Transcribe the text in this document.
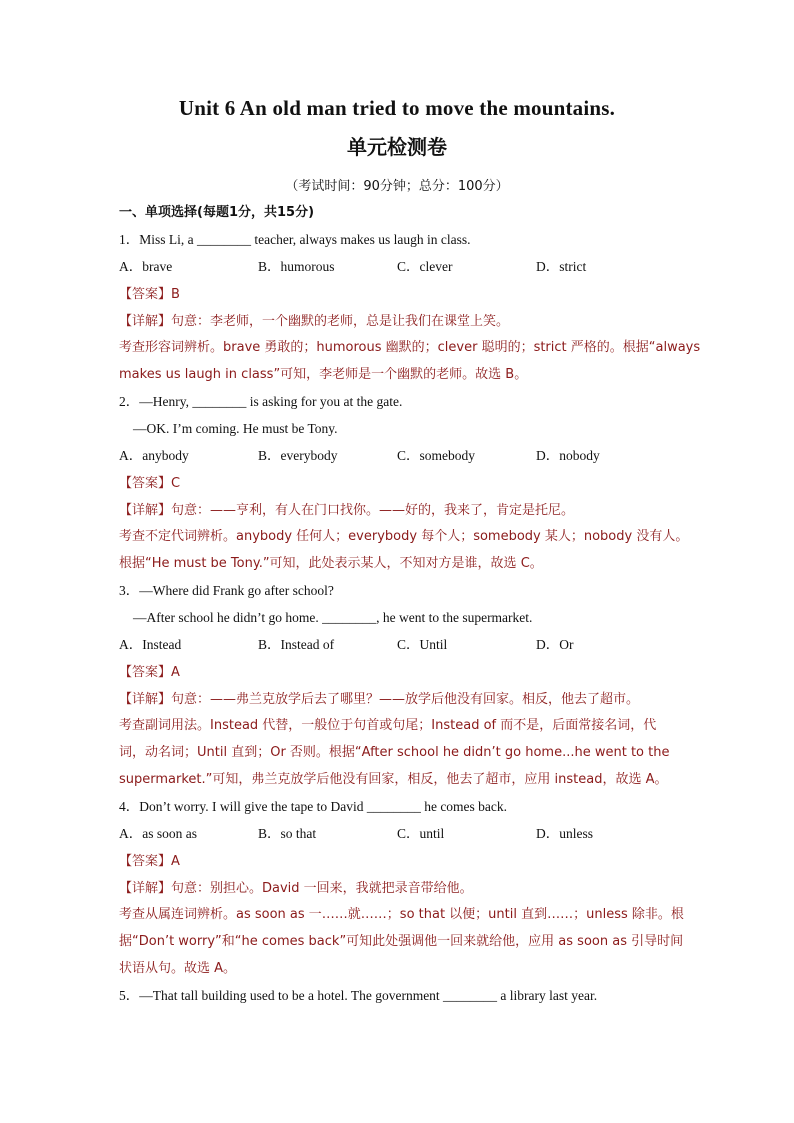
Unit 6 An old man tried to move the mountains.
单元检测卷
（考试时间：90分钟；总分：100分）
一、单项选择(每题1分，共15分)
1．Miss Li, a ________ teacher, always makes us laugh in class.
A．brave	B．humorous	C．clever	D．strict
【答案】B
【详解】句意：李老师，一个幽默的老师，总是让我们在课堂上笑。
考查形容词辨析。brave 勇敢的；humorous 幽默的；clever 聪明的；strict 严格的。根据“always
makes us laugh in class”可知，李老师是一个幽默的老师。故选 B。
2．—Henry, ________ is asking for you at the gate.
—OK. I’m coming. He must be Tony.
A．anybody	B．everybody	C．somebody	D．nobody
【答案】C
【详解】句意：——亨利，有人在门口找你。——好的，我来了，肯定是托尼。
考查不定代词辨析。anybody 任何人；everybody 每个人；somebody 某人；nobody 没有人。
根据“He must be Tony.”可知，此处表示某人，不知对方是谁，故选 C。
3．—Where did Frank go after school?
—After school he didn’t go home. ________, he went to the supermarket.
A．Instead	B．Instead of	C．Until	D．Or
【答案】A
【详解】句意：——弗兰克放学后去了哪里？——放学后他没有回家。相反，他去了超市。
考查副词用法。Instead 代替，一般位于句首或句尾；Instead of 而不是，后面常接名词，代
词，动名词；Until 直到；Or 否则。根据“After school he didn’t go home...he went to the
supermarket.”可知，弗兰克放学后他没有回家，相反，他去了超市，应用 instead，故选 A。
4．Don’t worry. I will give the tape to David ________ he comes back.
A．as soon as	B．so that	C．until	D．unless
【答案】A
【详解】句意：别担心。David 一回来，我就把录音带给他。
考查从属连词辨析。as soon as 一……就……；so that 以便；until 直到……；unless 除非。根
据“Don’t worry”和“he comes back”可知此处强调他一回来就给他，应用 as soon as 引导时间
状语从句。故选 A。
5．—That tall building used to be a hotel. The government ________ a library last year.
